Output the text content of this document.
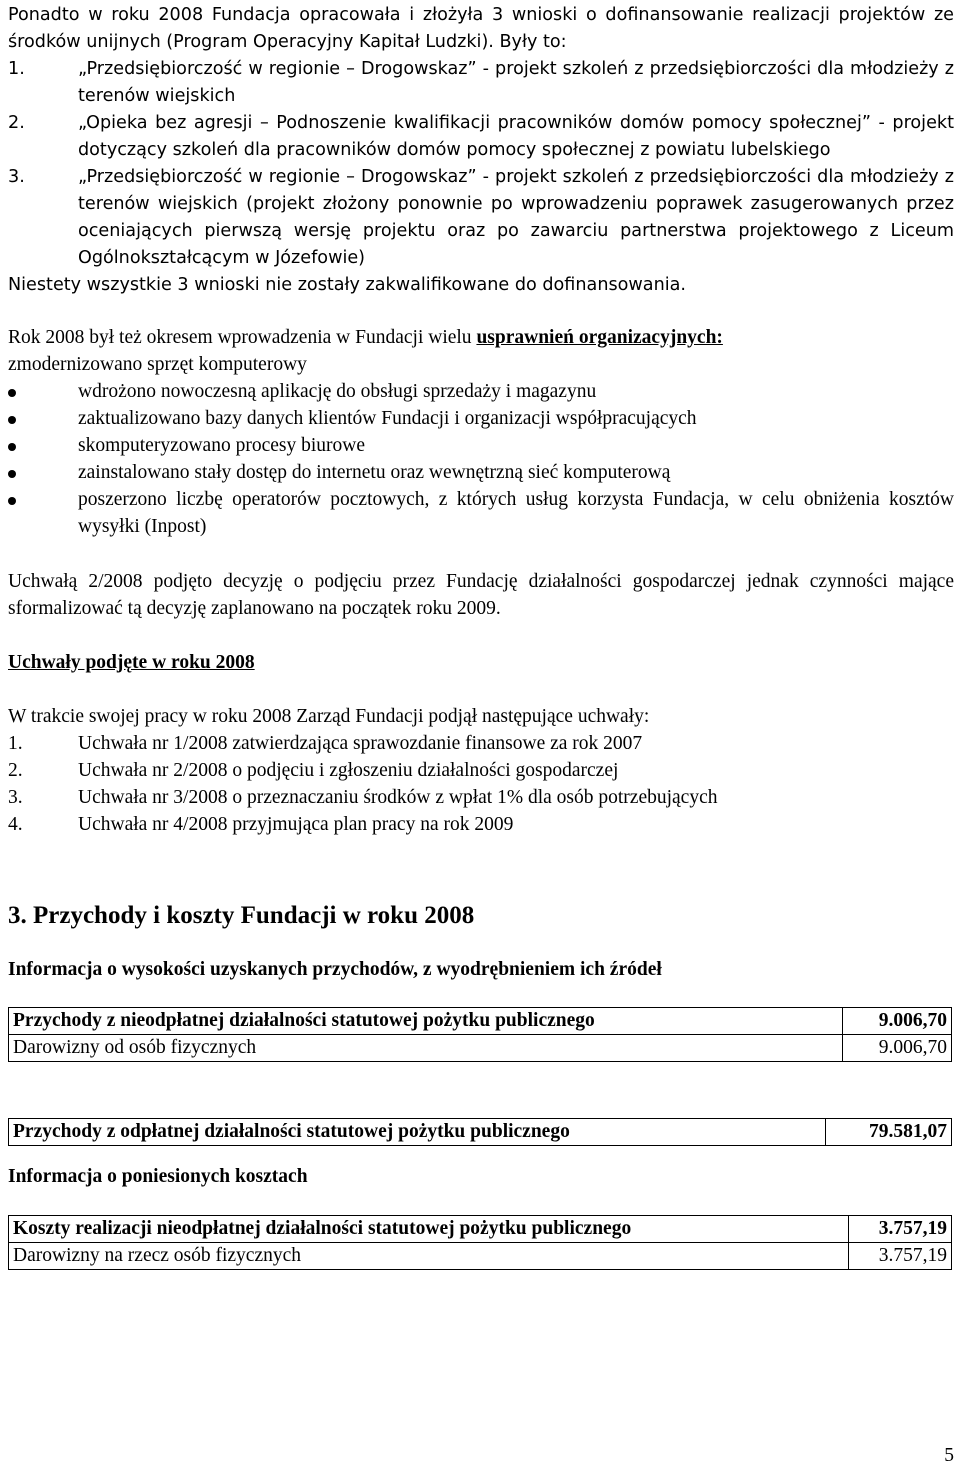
Ponadto w roku 2008 Fundacja opracowała i złożyła 3 wnioski o dofinansowanie realizacji projektów ze środków unijnych (Program Operacyjny Kapitał Ludzki). Były to:

1.	„Przedsiębiorczość w regionie – Drogowskaz” - projekt szkoleń z przedsiębiorczości dla młodzieży z terenów wiejskich
2.	„Opieka bez agresji – Podnoszenie kwalifikacji pracowników domów pomocy społecznej” - projekt dotyczący szkoleń dla pracowników domów pomocy społecznej z powiatu lubelskiego
3.	„Przedsiębiorczość w regionie – Drogowskaz” - projekt szkoleń z przedsiębiorczości dla młodzieży z terenów wiejskich (projekt złożony ponownie po wprowadzeniu poprawek zasugerowanych przez oceniających pierwszą wersję projektu oraz po zawarciu partnerstwa projektowego z Liceum Ogólnokształcącym w Józefowie)

Niestety wszystkie 3 wnioski nie zostały zakwalifikowane do dofinansowania.

Rok 2008 był też okresem wprowadzenia w Fundacji wielu usprawnień organizacyjnych:
zmodernizowano sprzęt komputerowy

wdrożono nowoczesną aplikację do obsługi sprzedaży i magazynu
zaktualizowano bazy danych klientów Fundacji i organizacji współpracujących
skomputeryzowano procesy biurowe
zainstalowano stały dostęp do internetu oraz wewnętrzną sieć komputerową
poszerzono liczbę operatorów pocztowych, z których usług korzysta Fundacja, w celu obniżenia kosztów wysyłki (Inpost)

Uchwałą 2/2008 podjęto decyzję o podjęciu przez Fundację działalności gospodarczej jednak czynności mające sformalizować tą decyzję zaplanowano na początek roku 2009.

Uchwały podjęte w roku 2008

W trakcie swojej pracy w roku 2008 Zarząd Fundacji podjął następujące uchwały:

1.	Uchwała nr 1/2008 zatwierdzająca sprawozdanie finansowe za rok 2007
2.	Uchwała nr 2/2008 o podjęciu i zgłoszeniu działalności gospodarczej
3.	Uchwała nr 3/2008 o przeznaczaniu środków z wpłat 1% dla osób potrzebujących
4.	Uchwała nr 4/2008 przyjmująca plan pracy na rok 2009
3. Przychody i koszty Fundacji w roku 2008

Informacja o wysokości uzyskanych przychodów, z wyodrębnieniem ich źródeł

Przychody z nieodpłatnej działalności statutowej pożytku publicznego	9.006,70
Darowizny od osób fizycznych	9.006,70
Przychody z odpłatnej działalności statutowej pożytku publicznego	79.581,07

Informacja o poniesionych kosztach

Koszty realizacji nieodpłatnej działalności statutowej pożytku publicznego	3.757,19
Darowizny na rzecz osób fizycznych	3.757,19
5
